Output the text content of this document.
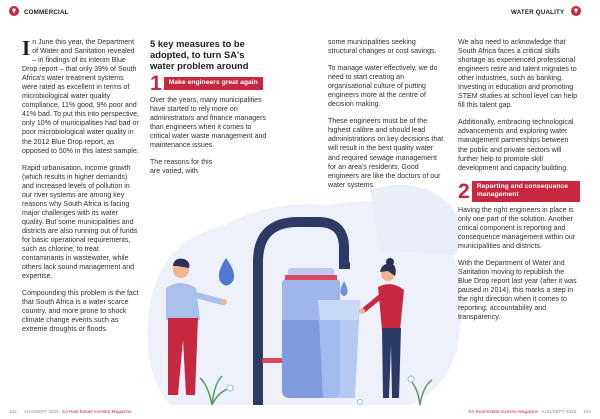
COMMERCIAL	WATER QUALITY

In June this year, the Department of Water and Sanitation revealed – in findings of its interim Blue Drop report – that only 39% of South Africa's water treatment systems were rated as excellent in terms of microbiological water quality compliance, 11% good, 9% poor and 41% bad. To put this into perspective, only 10% of municipalities had bad or poor microbiological water quality in the 2012 Blue Drop report, as opposed to 50% in this latest sample.

Rapid urbanisation, income growth (which results in higher demands) and increased levels of pollution in our river systems are among key reasons why South Africa is facing major challenges with its water quality. But some municipalities and districts are also running out of funds for basic operational requirements, such as chlorine, to treat contaminants in wastewater, while others lack sound management and expertise.

Compounding this problem is the fact that South Africa is a water scarce country, and more prone to shock climate change events such as extreme droughts or floods.

5 key measures to be adopted, to turn SA's water problem around
1	Make engineers great again

Over the years, many municipalities have started to rely more on administrators and finance managers than engineers when it comes to critical water waste management and maintenance issues.

The reasons for this are varied, with

some municipalities seeking structural changes or cost savings.

To manage water effectively, we do need to start creating an organisational culture of putting engineers more at the centre of decision making.

These engineers must be of the highest calibre and should lead administrations on key decisions that will result in the best quality water and required sewage management for an area's residents. Good engineers are like the doctors of our water systems.

We also need to acknowledge that South Africa faces a critical skills shortage as experienced professional engineers retire and talent migrates to other industries, such as banking. Investing in education and promoting STEM studies at school level can help fill this talent gap.

Additionally, embracing technological advancements and exploring water management partnerships between the public and private sectors will further help to promote skill development and capacity building.

2	Reporting and consequence management

Having the right engineers in place is only one part of the solution. Another critical component is reporting and consequence management within our municipalities and districts.

With the Department of Water and Sanitation moving to republish the Blue Drop report last year (after it was paused in 2014), this marks a step in the right direction when it comes to reporting, accountability and transparency.

102 AUG/SEPT 2023 SA Real Estate Investor Magazine	SA Real Estate Investor Magazine AUG/SEPT 2023 104
